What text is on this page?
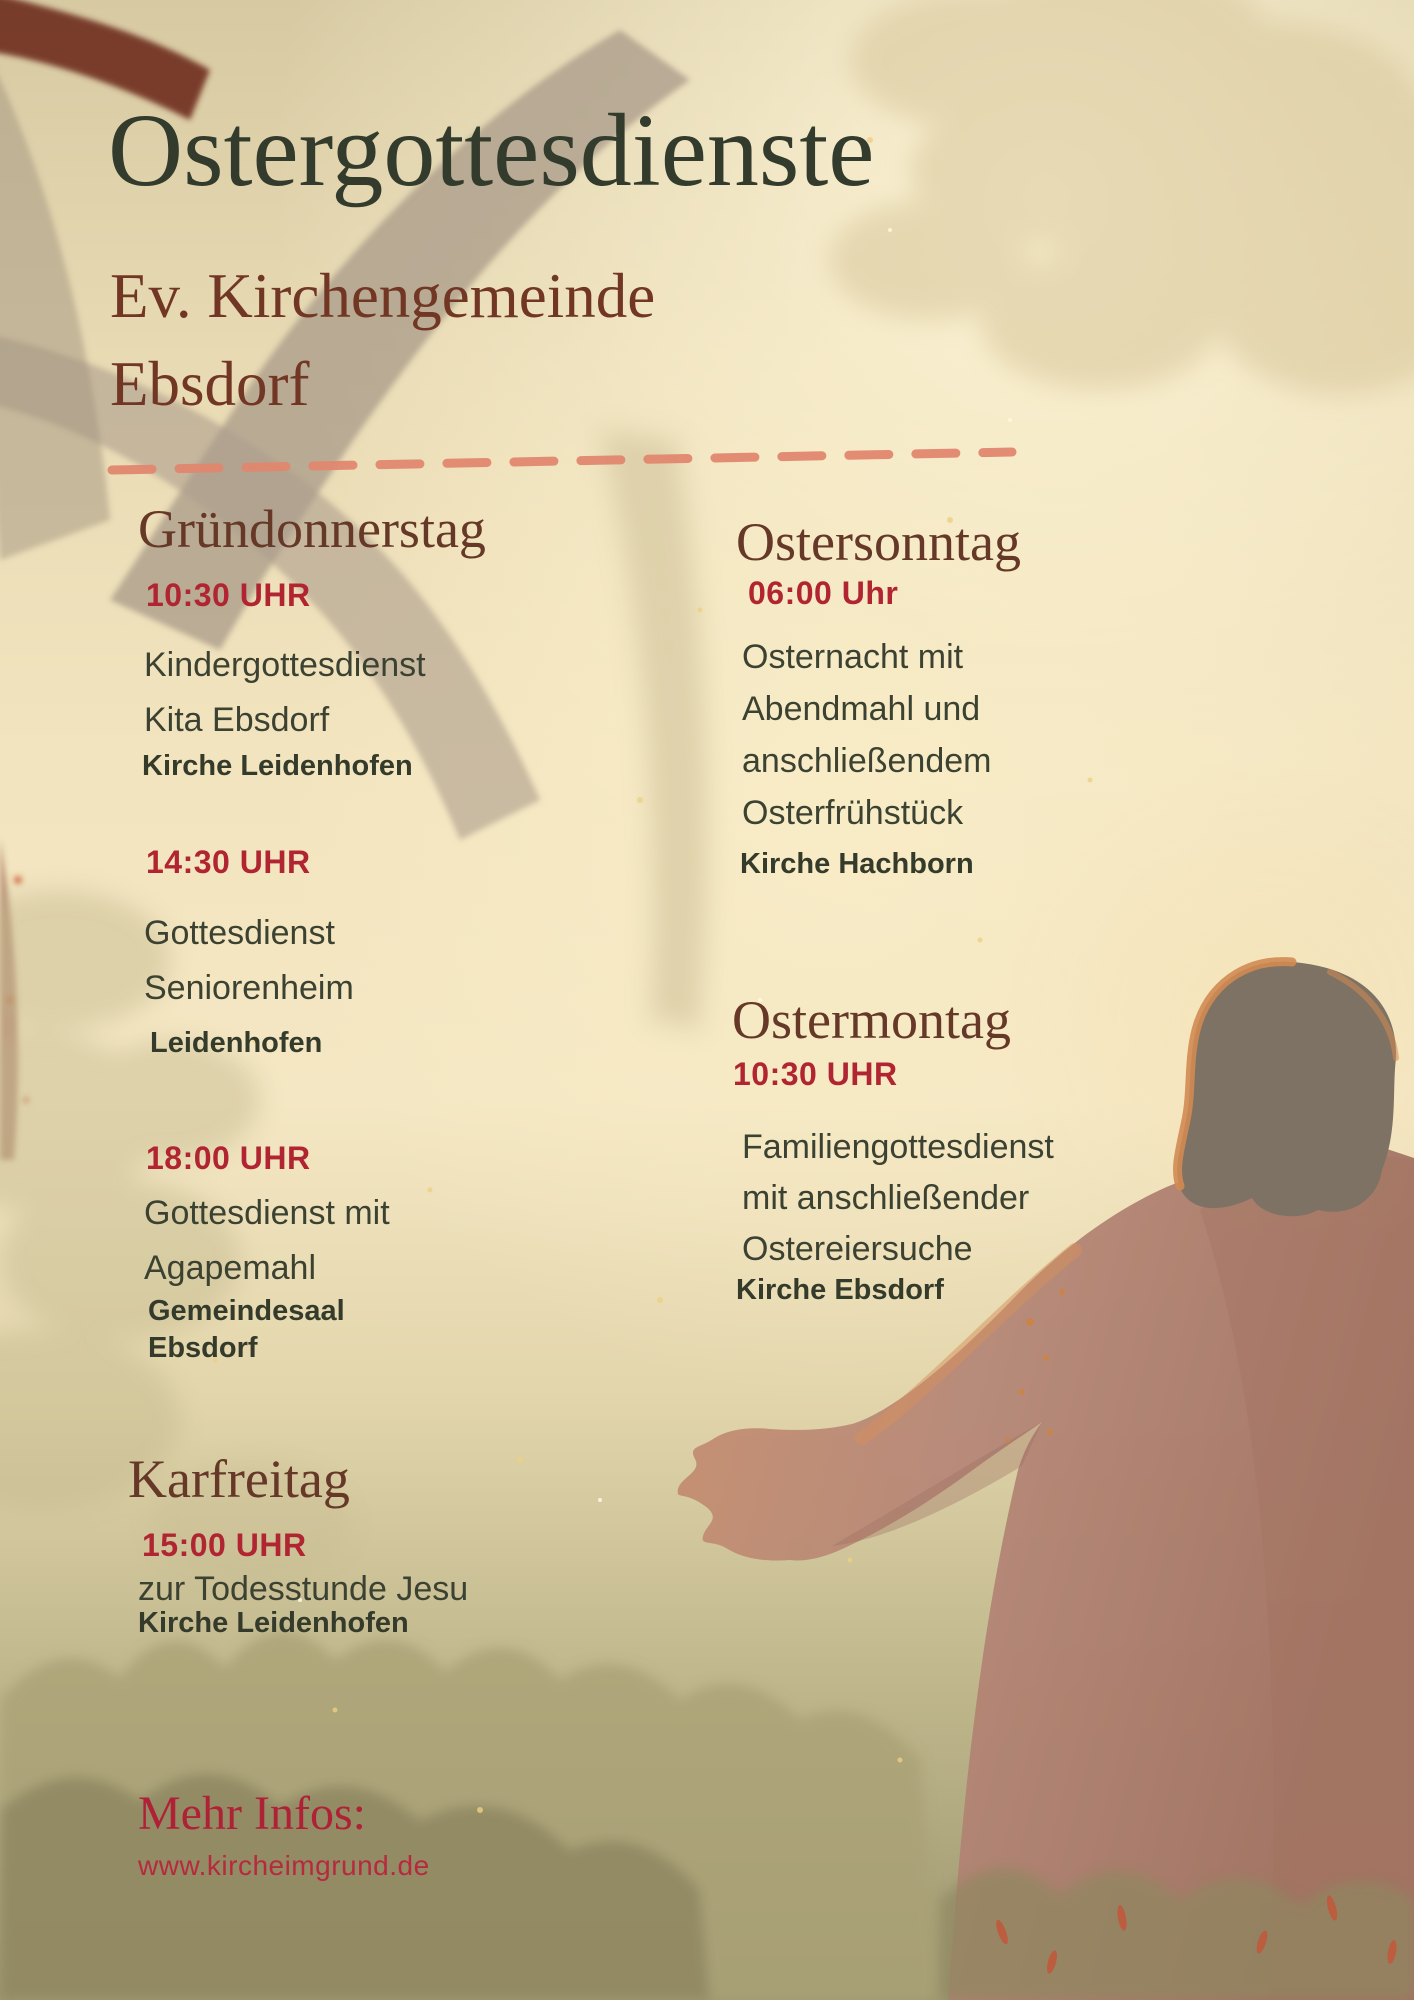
Ostergottesdienste
Ev. Kirchengemeinde
Ebsdorf
Gründonnerstag
10:30 UHR
Kindergottesdienst
Kita Ebsdorf
Kirche Leidenhofen
14:30 UHR
Gottesdienst
Seniorenheim
Leidenhofen
18:00 UHR
Gottesdienst mit
Agapemahl
Gemeindesaal
Ebsdorf
Karfreitag
15:00 UHR
zur Todesstunde Jesu
Kirche Leidenhofen
Ostersonntag
06:00 Uhr
Osternacht mit
Abendmahl und
anschließendem
Osterfrühstück
Kirche Hachborn
Ostermontag
10:30 UHR
Familiengottesdienst
mit anschließender
Ostereiersuche
Kirche Ebsdorf
Mehr Infos:
www.kircheimgrund.de
